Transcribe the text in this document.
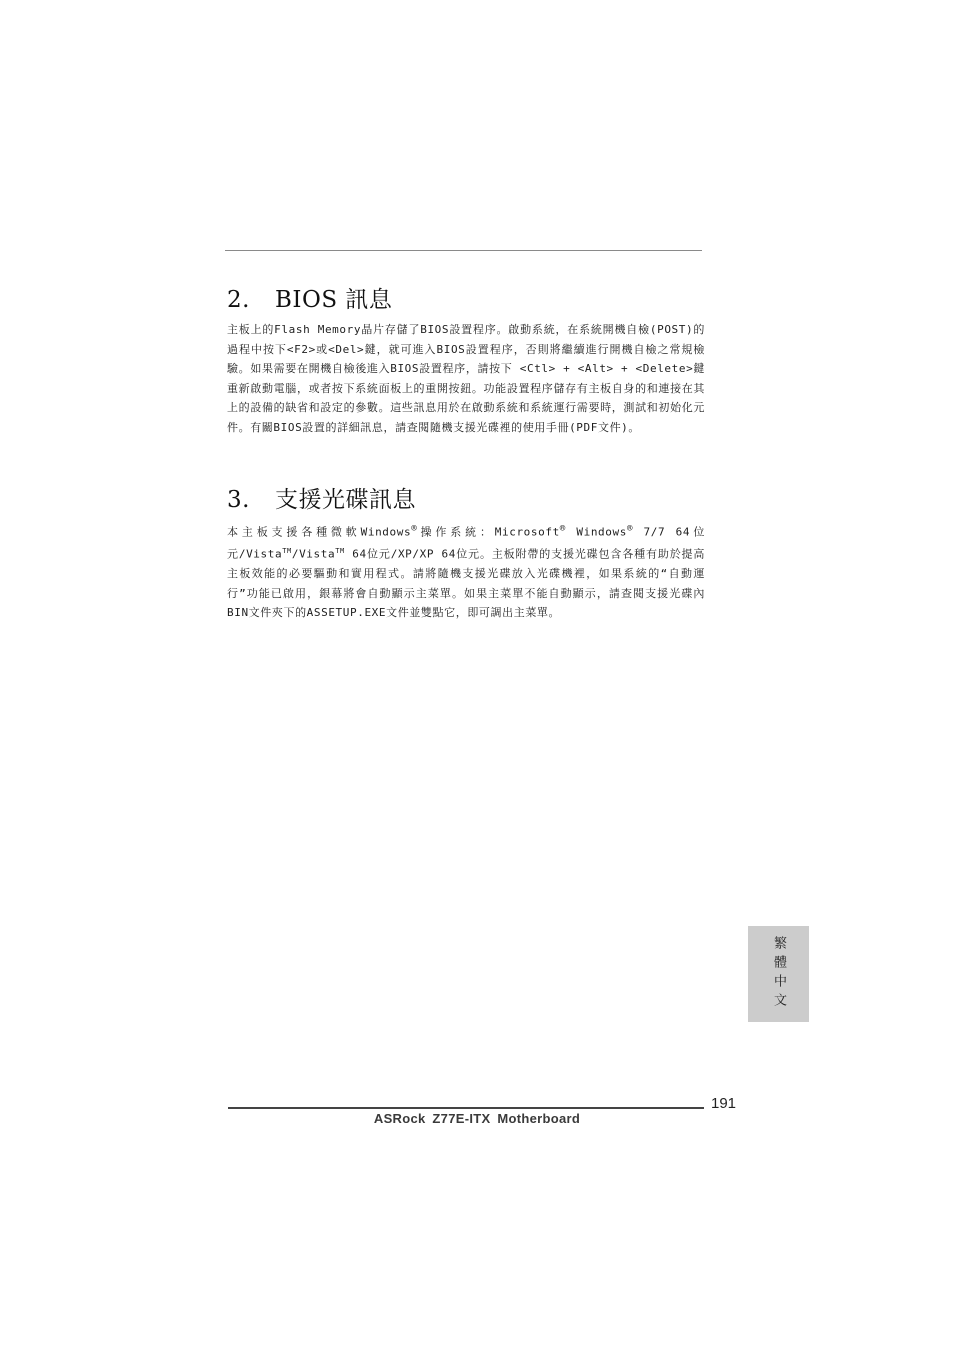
2. BIOS 訊息

主板上的Flash Memory晶片存儲了BIOS設置程序。啟動系統，在系統開機自檢(POST)的過程中按下<F2>或<Del>鍵，就可進入BIOS設置程序，否則將繼續進行開機自檢之常規檢驗。如果需要在開機自檢後進入BIOS設置程序，請按下 <Ctl> + <Alt> + <Delete>鍵重新啟動電腦，或者按下系統面板上的重開按鈕。功能設置程序儲存有主板自身的和連接在其上的設備的缺省和設定的參數。這些訊息用於在啟動系統和系統運行需要時，測試和初始化元件。有關BIOS設置的詳細訊息，請查閱隨機支援光碟裡的使用手冊(PDF文件)。

3. 支援光碟訊息

本主板支援各種微軟Windows®操作系統：Microsoft® Windows® 7/7 64位元/Vista™/Vista™ 64位元/XP/XP 64位元。主板附帶的支援光碟包含各種有助於提高主板效能的必要驅動和實用程式。請將隨機支援光碟放入光碟機裡，如果系統的“自動運行”功能已啟用，銀幕將會自動顯示主菜單。如果主菜單不能自動顯示，請查閱支援光碟內BIN文件夾下的ASSETUP.EXE文件並雙點它，即可調出主菜單。

繁體中文
191
ASRock Z77E-ITX Motherboard
